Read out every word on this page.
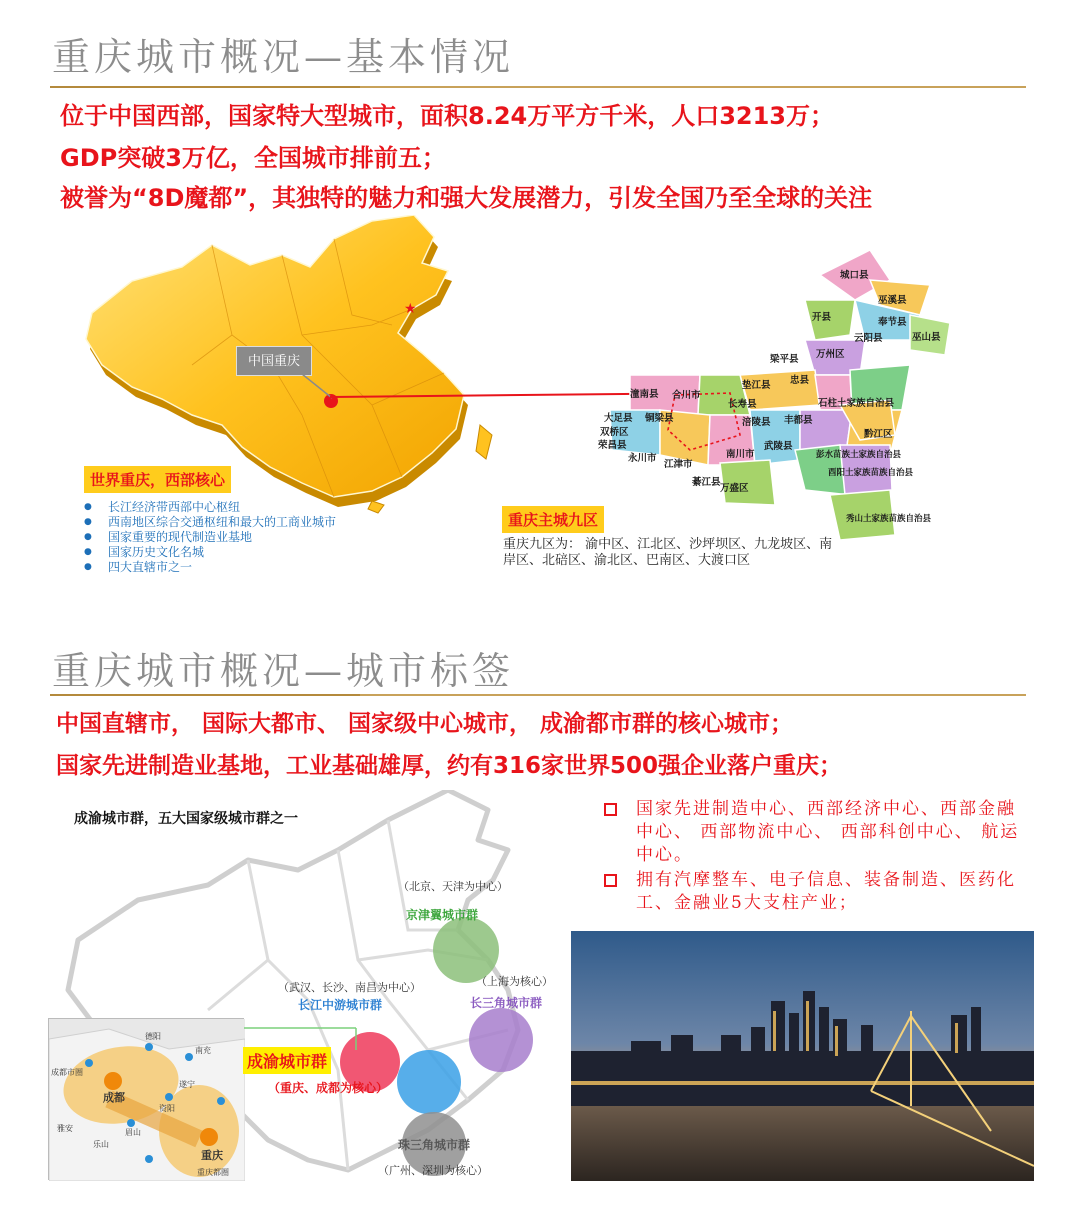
重庆城市概况—基本情况
位于中国西部，国家特大型城市，面积8.24万平方千米，人口3213万；
GDP突破3万亿，全国城市排前五；
被誉为“8D魔都”，其独特的魅力和强大发展潜力，引发全国乃至全球的关注
★
中国重庆
城口县
巫溪县
开县	奉节县
云阳县	巫山县
万州区
梁平县
忠县
垫江县
潼南县 合川市
长寿县
丰都县
石柱土家族自治县
大足县 铜梁县
双桥区
荣昌县
永川市
江津市
涪陵县
武陵县
南川市	彭水苗族土家族自治县
黔江区
綦江县
万盛区
酉阳土家族苗族自治县
秀山土家族苗族自治县
世界重庆，西部核心
● 长江经济带西部中心枢纽
● 西南地区综合交通枢纽和最大的工商业城市
● 国家重要的现代制造业基地
● 国家历史文化名城
● 四大直辖市之一
重庆主城九区
重庆九区为： 渝中区、江北区、沙坪坝区、九龙坡区、南岸区、北碚区、渝北区、巴南区、大渡口区
重庆城市概况—城市标签
中国直辖市， 国际大都市、 国家级中心城市， 成渝都市群的核心城市；
国家先进制造业基地，工业基础雄厚，约有316家世界500强企业落户重庆；
成渝城市群，五大国家级城市群之一
（北京、天津为中心）
京津翼城市群
（武汉、长沙、南昌为中心）
长江中游城市群
（上海为核心）
长三角城市群
珠三角城市群
（广州、深圳为核心）
成都
重庆
德阳
乐山
资阳
遂宁
南充
眉山
雅安
成都市圈
重庆都圈
成渝城市群
（重庆、成都为核心）
国家先进制造中心、西部经济中心、西部金融中心、 西部物流中心、 西部科创中心、 航运中心。
拥有汽摩整车、电子信息、装备制造、医药化工、金融业5大支柱产业；
